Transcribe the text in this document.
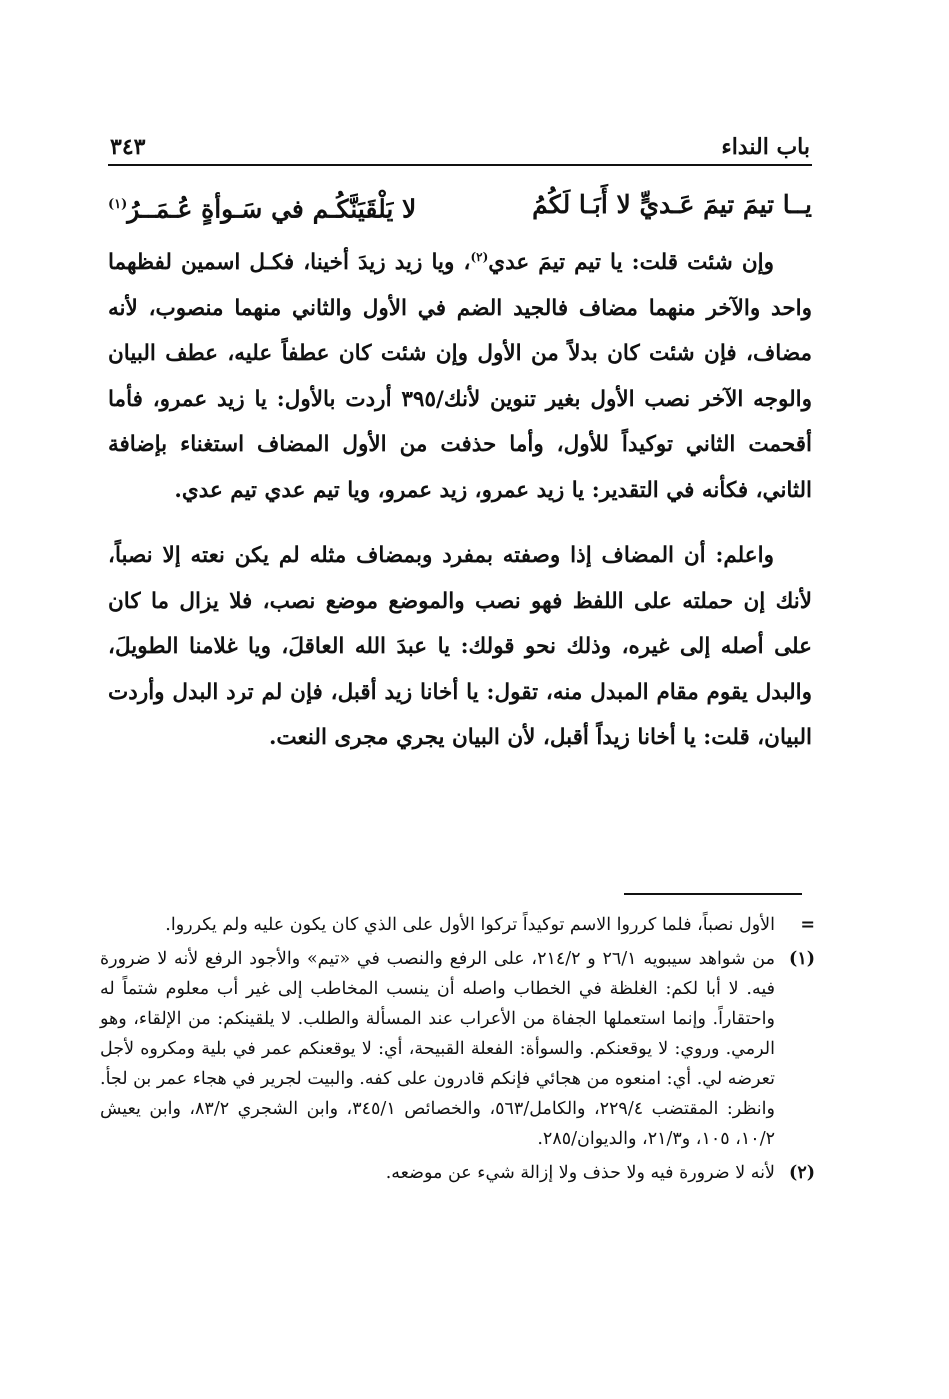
باب النداء
٣٤٣
يــا تيمَ تيمَ عَـديٍّ لا أَبَـا لَكُمُ
لا يَلْقَيَنَّكُـم في سَـوأةٍ عُـمَــرُ$^{(١)}$

وإن شئت قلت: يا تيم تيمَ عدي$^{(٢)}$، ويا زيد زيدَ أخينا، فكـل اسمين لفظهما واحد والآخر منهما مضاف فالجيد الضم في الأول والثاني منهما منصوب، لأنه مضاف، فإن شئت كان بدلاً من الأول وإن شئت كان عطفاً عليه، عطف البيان والوجه الآخر نصب الأول بغير تنوين لأنك/٣٩٥ أردت بالأول: يا زيد عمرو، فأما أقحمت الثاني توكيداً للأول، وأما حذفت من الأول المضاف استغناء بإضافة الثاني، فكأنه في التقدير: يا زيد عمرو، زيد عمرو، ويا تيم عدي تيم عدي.

واعلم: أن المضاف إذا وصفته بمفرد وبمضاف مثله لم يكن نعته إلا نصباً، لأنك إن حملته على اللفظ فهو نصب والموضع موضع نصب، فلا يزال ما كان على أصله إلى غيره، وذلك نحو قولك: يا عبدَ الله العاقلَ، ويا غلامنا الطويلَ، والبدل يقوم مقام المبدل منه، تقول: يا أخانا زيد أقبل، فإن لم ترد البدل وأردت البيان، قلت: يا أخانا زيداً أقبل، لأن البيان يجري مجرى النعت.

=الأول نصباً، فلما كرروا الاسم توكيداً تركوا الأول على الذي كان يكون عليه ولم يكرروا.

(١)من شواهد سيبويه ٢٦/١ و ٢١٤/٢، على الرفع والنصب في «تيم» والأجود الرفع لأنه لا ضرورة فيه. لا أبا لكم: الغلظة في الخطاب واصله أن ينسب المخاطب إلى غير أب معلوم شتماً له واحتقاراً. وإنما استعملها الجفاة من الأعراب عند المسألة والطلب. لا يلقينكم: من الإلقاء، وهو الرمي. وروي: لا يوقعنكم. والسوأة: الفعلة القبيحة، أي: لا يوقعنكم عمر في بلية ومكروه لأجل تعرضه لي. أي: امنعوه من هجائي فإنكم قادرون على كفه. والبيت لجرير في هجاء عمر بن لجأ. وانظر: المقتضب ٢٢٩/٤، والكامل/٥٦٣، والخصائص ٣٤٥/١، وابن الشجري ٨٣/٢، وابن يعيش ١٠/٢، ١٠٥، و٢١/٣، والديوان/٢٨٥.

(٢)لأنه لا ضرورة فيه ولا حذف ولا إزالة شيء عن موضعه.
